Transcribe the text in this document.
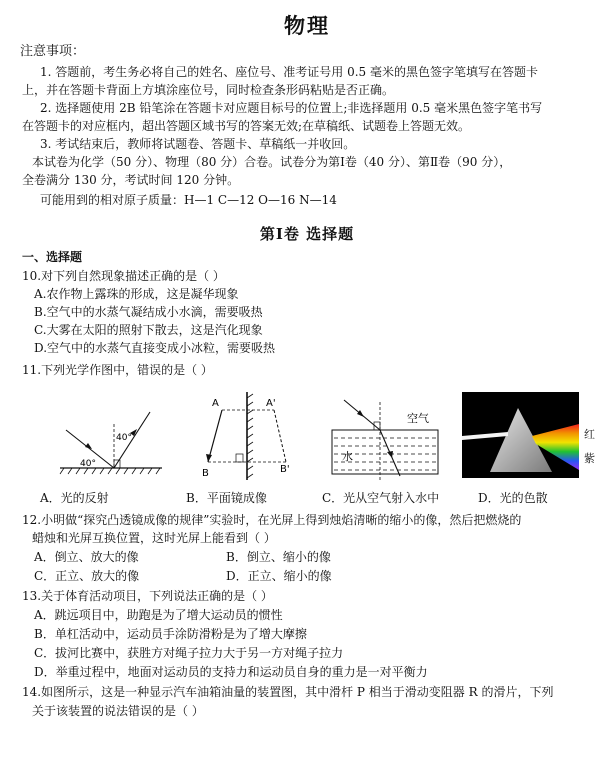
物理
注意事项：
1. 答题前，考生务必将自己的姓名、座位号、准考证号用 0.5 毫米的黑色签字笔填写在答题卡
上，并在答题卡背面上方填涂座位号，同时检查条形码粘贴是否正确。
2. 选择题使用 2B 铅笔涂在答题卡对应题目标号的位置上;非选择题用 0.5 毫米黑色签字笔书写
在答题卡的对应框内，超出答题区域书写的答案无效;在草稿纸、试题卷上答题无效。
3. 考试结束后，教师将试题卷、答题卡、草稿纸一并收回。
本试卷为化学（50 分）、物理（80 分）合卷。试卷分为第Ⅰ卷（40 分）、第Ⅱ卷（90 分），
全卷满分 130 分，考试时间 120 分钟。
可能用到的相对原子质量：H—1 C—12 O—16 N—14
第Ⅰ卷 选择题
一、选择题
10.对下列自然现象描述正确的是（ ）
A.农作物上露珠的形成，这是凝华现象
B.空气中的水蒸气凝结成小水滴，需要吸热
C.大雾在太阳的照射下散去，这是汽化现象
D.空气中的水蒸气直接变成小冰粒，需要吸热
11.下列光学作图中，错误的是（ ）
40°
40°
A	A'
B	B'
空气
水
红
紫
A．光的反射	B．平面镜成像	C．光从空气射入水中	D．光的色散
12.小明做“探究凸透镜成像的规律”实验时，在光屏上得到烛焰清晰的缩小的像，然后把燃烧的
蜡烛和光屏互换位置，这时光屏上能看到（ ）
A．倒立、放大的像	B．倒立、缩小的像
C．正立、放大的像	D．正立、缩小的像
13.关于体育活动项目，下列说法正确的是（ ）
A．跳远项目中，助跑是为了增大运动员的惯性
B．单杠活动中，运动员手涂防滑粉是为了增大摩擦
C．拔河比赛中，获胜方对绳子拉力大于另一方对绳子拉力
D．举重过程中，地面对运动员的支持力和运动员自身的重力是一对平衡力
14.如图所示，这是一种显示汽车油箱油量的装置图，其中滑杆 P 相当于滑动变阻器 R 的滑片，下列
关于该装置的说法错误的是（ ）
